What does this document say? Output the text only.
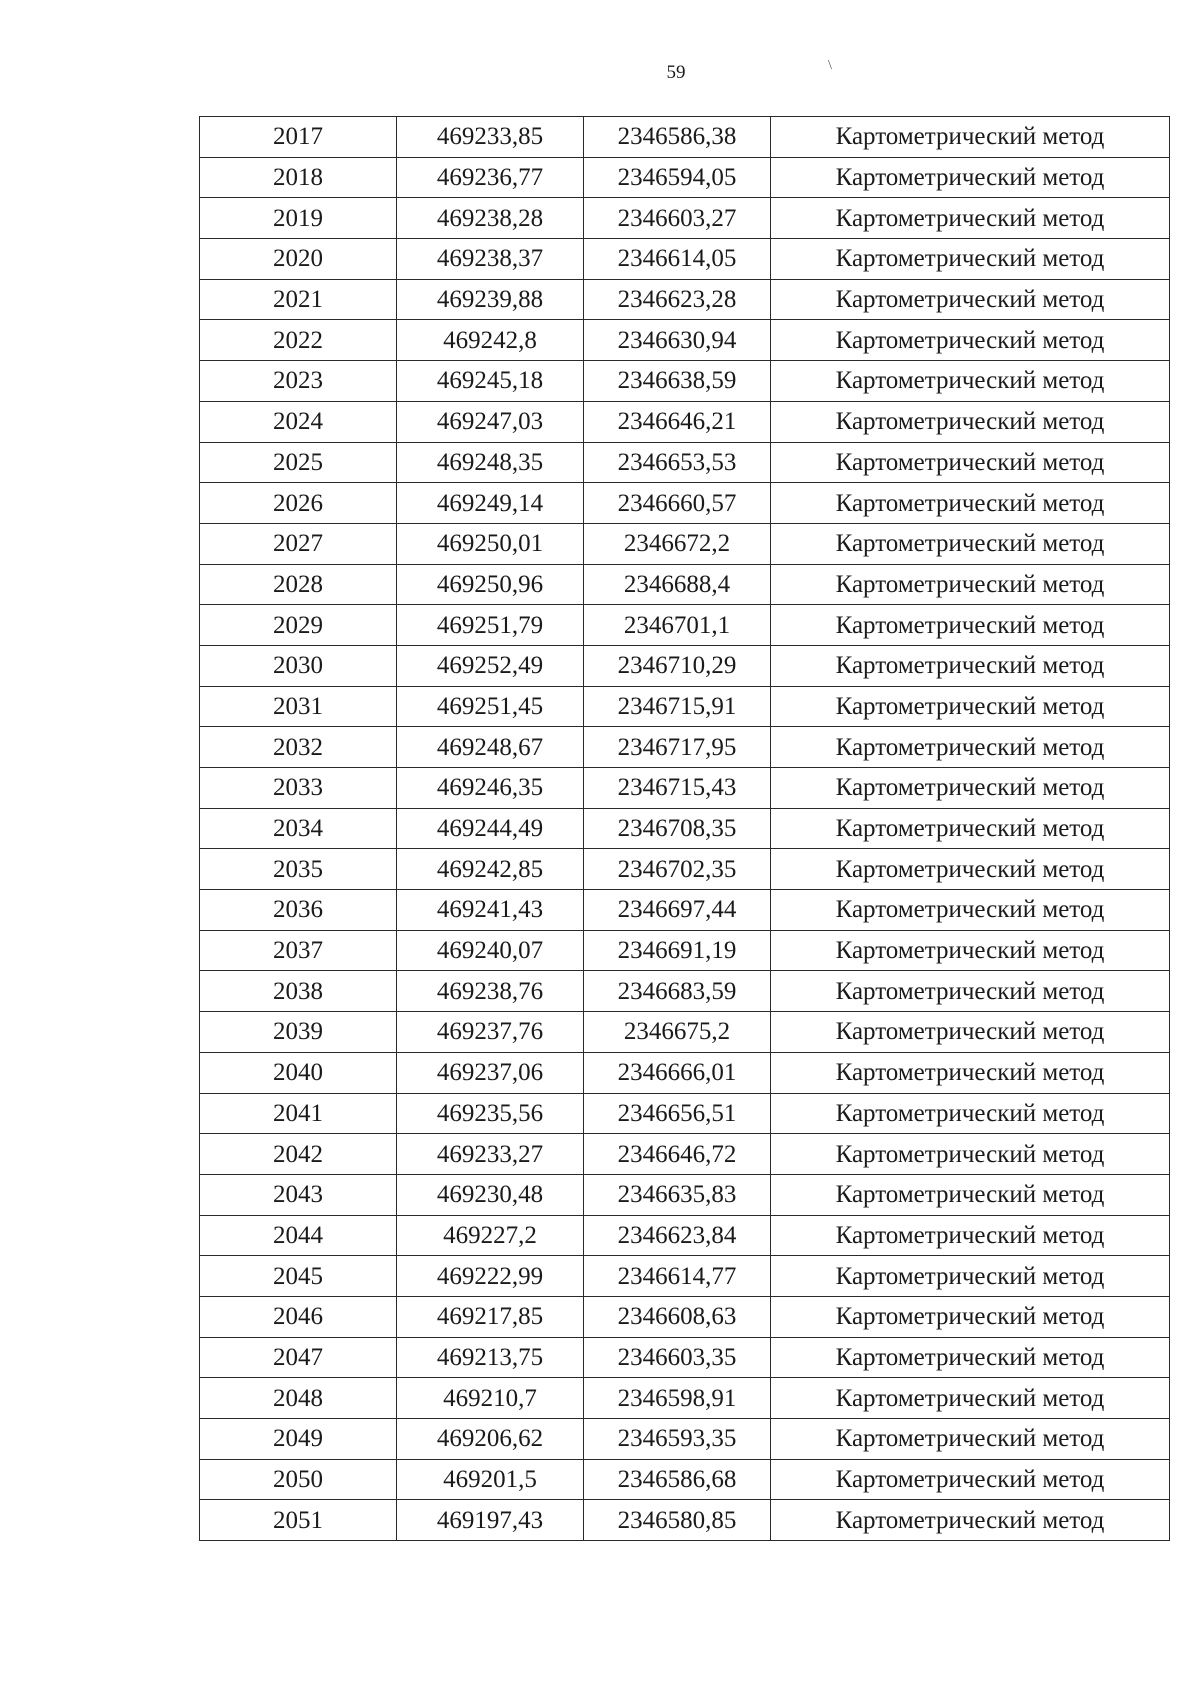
59	\
2017	469233,85	2346586,38	Картометрический метод
2018	469236,77	2346594,05	Картометрический метод
2019	469238,28	2346603,27	Картометрический метод
2020	469238,37	2346614,05	Картометрический метод
2021	469239,88	2346623,28	Картометрический метод
2022	469242,8	2346630,94	Картометрический метод
2023	469245,18	2346638,59	Картометрический метод
2024	469247,03	2346646,21	Картометрический метод
2025	469248,35	2346653,53	Картометрический метод
2026	469249,14	2346660,57	Картометрический метод
2027	469250,01	2346672,2	Картометрический метод
2028	469250,96	2346688,4	Картометрический метод
2029	469251,79	2346701,1	Картометрический метод
2030	469252,49	2346710,29	Картометрический метод
2031	469251,45	2346715,91	Картометрический метод
2032	469248,67	2346717,95	Картометрический метод
2033	469246,35	2346715,43	Картометрический метод
2034	469244,49	2346708,35	Картометрический метод
2035	469242,85	2346702,35	Картометрический метод
2036	469241,43	2346697,44	Картометрический метод
2037	469240,07	2346691,19	Картометрический метод
2038	469238,76	2346683,59	Картометрический метод
2039	469237,76	2346675,2	Картометрический метод
2040	469237,06	2346666,01	Картометрический метод
2041	469235,56	2346656,51	Картометрический метод
2042	469233,27	2346646,72	Картометрический метод
2043	469230,48	2346635,83	Картометрический метод
2044	469227,2	2346623,84	Картометрический метод
2045	469222,99	2346614,77	Картометрический метод
2046	469217,85	2346608,63	Картометрический метод
2047	469213,75	2346603,35	Картометрический метод
2048	469210,7	2346598,91	Картометрический метод
2049	469206,62	2346593,35	Картометрический метод
2050	469201,5	2346586,68	Картометрический метод
2051	469197,43	2346580,85	Картометрический метод
